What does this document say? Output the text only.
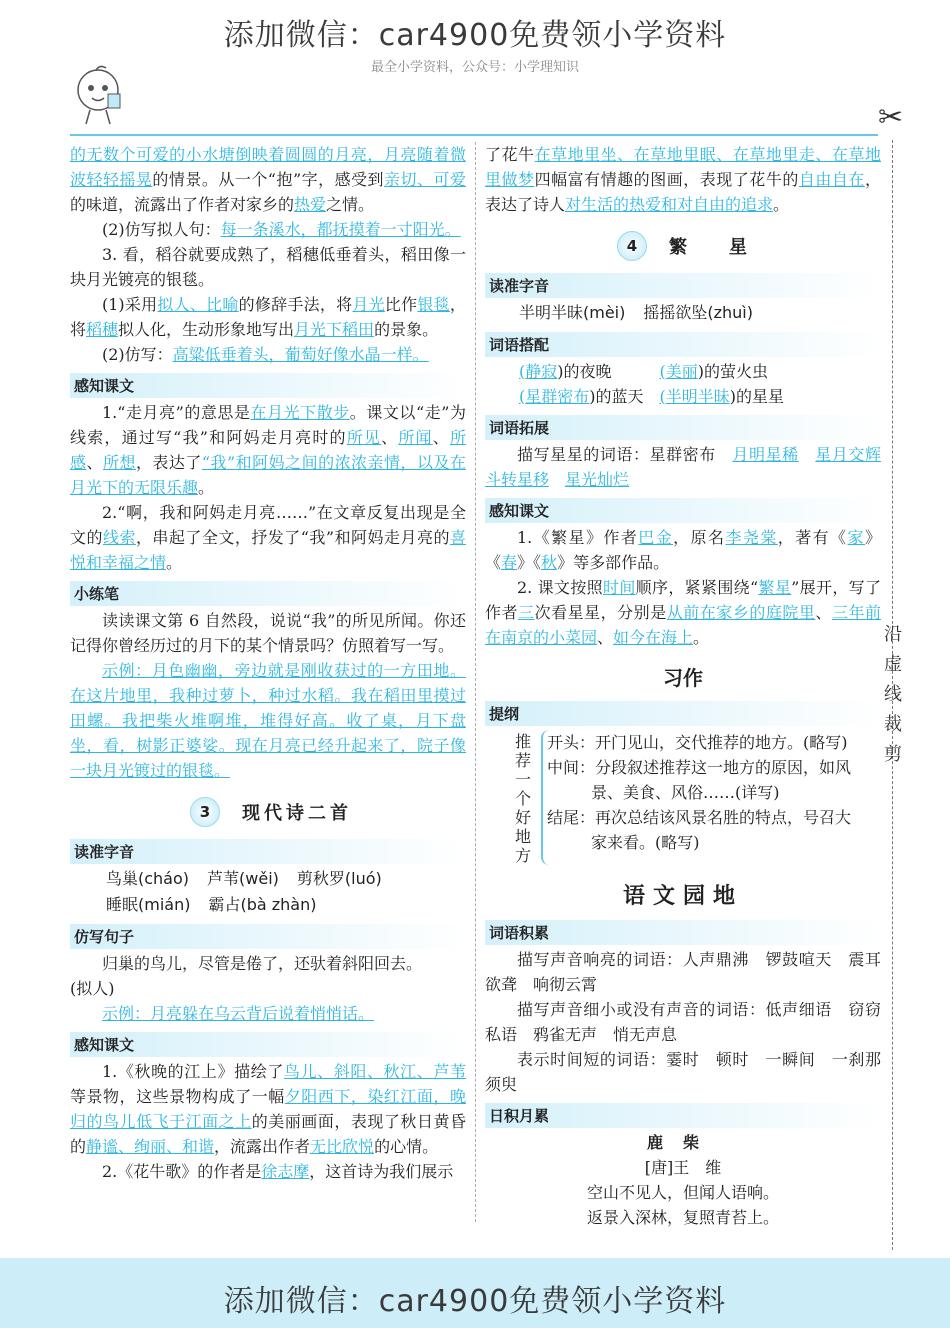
添加微信：car4900免费领小学资料
最全小学资料，公众号：小学理知识
✂
沿虚线裁剪

的无数个可爱的小水塘倒映着圆圆的月亮，月亮随着微波轻轻摇晃的情景。从一个“抱”字，感受到亲切、可爱的味道，流露出了作者对家乡的热爱之情。

(2)仿写拟人句：每一条溪水，都抚摸着一寸阳光。

3. 看，稻谷就要成熟了，稻穗低垂着头，稻田像一块月光镀亮的银毯。

(1)采用拟人、比喻的修辞手法，将月光比作银毯，将稻穗拟人化，生动形象地写出月光下稻田的景象。

(2)仿写：高粱低垂着头，葡萄好像水晶一样。

感知课文

1.“走月亮”的意思是在月光下散步。课文以“走”为线索，通过写“我”和阿妈走月亮时的所见、所闻、所感、所想，表达了“我”和阿妈之间的浓浓亲情，以及在月光下的无限乐趣。

2.“啊，我和阿妈走月亮……”在文章反复出现是全文的线索，串起了全文，抒发了“我”和阿妈走月亮的喜悦和幸福之情。

小练笔

读读课文第 6 自然段，说说“我”的所见所闻。你还记得你曾经历过的月下的某个情景吗？仿照着写一写。

示例：月色幽幽，旁边就是刚收获过的一方田地。在这片地里，我种过萝卜，种过水稻。我在稻田里摸过田螺。我把柴火堆啊堆，堆得好高。收了桌，月下盘坐，看，树影正婆娑。现在月亮已经升起来了，院子像一块月光镀过的银毯。

3	现代诗二首
读准字音
鸟巢(cháo) 芦苇(wěi) 剪秋罗(luó)
睡眠(mián) 霸占(bà zhàn)
仿写句子

归巢的鸟儿，尽管是倦了，还驮着斜阳回去。

(拟人)

示例：月亮躲在乌云背后说着悄悄话。

感知课文

1.《秋晚的江上》描绘了鸟儿、斜阳、秋江、芦苇等景物，这些景物构成了一幅夕阳西下，染红江面，晚归的鸟儿低飞于江面之上的美丽画面，表现了秋日黄昏的静谧、绚丽、和谐，流露出作者无比欣悦的心情。

2.《花牛歌》的作者是徐志摩，这首诗为我们展示

了花牛在草地里坐、在草地里眠、在草地里走、在草地里做梦四幅富有情趣的图画，表现了花牛的自由自在，表达了诗人对生活的热爱和对自由的追求。

4	繁星
读准字音
半明半昧(mèi) 摇摇欲坠(zhuì)
词语搭配

(静寂)的夜晚　　　	(美丽)的萤火虫

(星群密布)的蓝天　 (半明半昧)的星星

词语拓展

描写星星的词语：星群密布　 月明星稀　 星月交辉　斗转星移　 星光灿烂

感知课文

1.《繁星》作者巴金，原名李尧棠，著有《家》《春》《秋》等多部作品。

2. 课文按照时间顺序，紧紧围绕“繁星”展开，写了作者三次看星星，分别是从前在家乡的庭院里、三年前在南京的小菜园、如今在海上。

习作
提纲
推荐一个好地方

开头：开门见山，交代推荐的地方。(略写)

中间：分段叙述推荐这一地方的原因，如风

景、美食、风俗……(详写)

结尾：再次总结该风景名胜的特点，号召大

家来看。(略写)

语文园地
词语积累

描写声音响亮的词语：人声鼎沸　锣鼓喧天　震耳欲聋　响彻云霄

描写声音细小或没有声音的词语：低声细语　窃窃私语　鸦雀无声　悄无声息

表示时间短的词语：霎时　顿时　一瞬间　一刹那　须臾

日积月累
鹿柴
[唐]王　维
空山不见人，但闻人语响。
返景入深林，复照青苔上。
添加微信：car4900免费领小学资料
